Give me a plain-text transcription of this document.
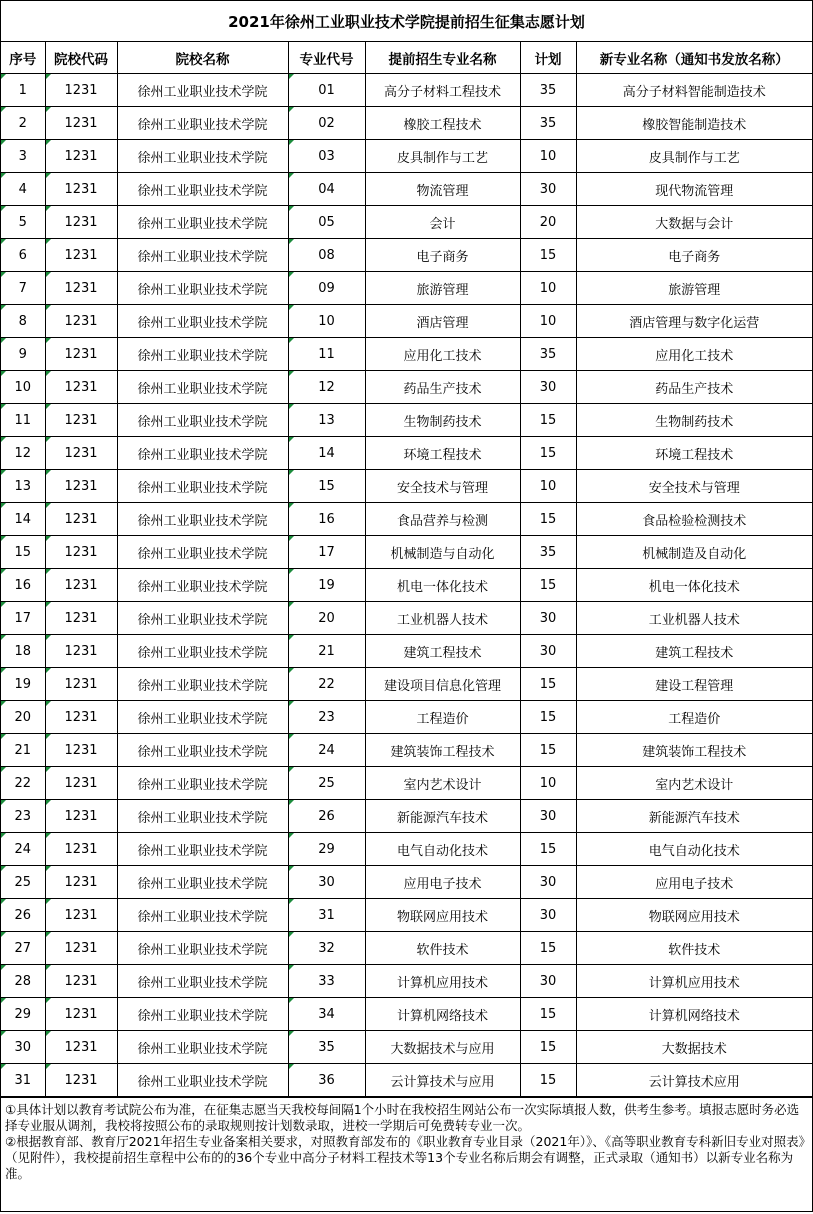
2021年徐州工业职业技术学院提前招生征集志愿计划
序号	院校代码	院校名称	专业代号	提前招生专业名称	计划	新专业名称（通知书发放名称）
1	1231	徐州工业职业技术学院	01	高分子材料工程技术	35	高分子材料智能制造技术
2	1231	徐州工业职业技术学院	02	橡胶工程技术	35	橡胶智能制造技术
3	1231	徐州工业职业技术学院	03	皮具制作与工艺	10	皮具制作与工艺
4	1231	徐州工业职业技术学院	04	物流管理	30	现代物流管理
5	1231	徐州工业职业技术学院	05	会计	20	大数据与会计
6	1231	徐州工业职业技术学院	08	电子商务	15	电子商务
7	1231	徐州工业职业技术学院	09	旅游管理	10	旅游管理
8	1231	徐州工业职业技术学院	10	酒店管理	10	酒店管理与数字化运营
9	1231	徐州工业职业技术学院	11	应用化工技术	35	应用化工技术
10	1231	徐州工业职业技术学院	12	药品生产技术	30	药品生产技术
11	1231	徐州工业职业技术学院	13	生物制药技术	15	生物制药技术
12	1231	徐州工业职业技术学院	14	环境工程技术	15	环境工程技术
13	1231	徐州工业职业技术学院	15	安全技术与管理	10	安全技术与管理
14	1231	徐州工业职业技术学院	16	食品营养与检测	15	食品检验检测技术
15	1231	徐州工业职业技术学院	17	机械制造与自动化	35	机械制造及自动化
16	1231	徐州工业职业技术学院	19	机电一体化技术	15	机电一体化技术
17	1231	徐州工业职业技术学院	20	工业机器人技术	30	工业机器人技术
18	1231	徐州工业职业技术学院	21	建筑工程技术	30	建筑工程技术
19	1231	徐州工业职业技术学院	22	建设项目信息化管理	15	建设工程管理
20	1231	徐州工业职业技术学院	23	工程造价	15	工程造价
21	1231	徐州工业职业技术学院	24	建筑装饰工程技术	15	建筑装饰工程技术
22	1231	徐州工业职业技术学院	25	室内艺术设计	10	室内艺术设计
23	1231	徐州工业职业技术学院	26	新能源汽车技术	30	新能源汽车技术
24	1231	徐州工业职业技术学院	29	电气自动化技术	15	电气自动化技术
25	1231	徐州工业职业技术学院	30	应用电子技术	30	应用电子技术
26	1231	徐州工业职业技术学院	31	物联网应用技术	30	物联网应用技术
27	1231	徐州工业职业技术学院	32	软件技术	15	软件技术
28	1231	徐州工业职业技术学院	33	计算机应用技术	30	计算机应用技术
29	1231	徐州工业职业技术学院	34	计算机网络技术	15	计算机网络技术
30	1231	徐州工业职业技术学院	35	大数据技术与应用	15	大数据技术
31	1231	徐州工业职业技术学院	36	云计算技术与应用	15	云计算技术应用

①具体计划以教育考试院公布为准，在征集志愿当天我校每间隔1个小时在我校招生网站公布一次实际填报人数，供考生参考。填报志愿时务必选择专业服从调剂，我校将按照公布的录取规则按计划数录取，进校一学期后可免费转专业一次。

②根据教育部、教育厅2021年招生专业备案相关要求，对照教育部发布的《职业教育专业目录（2021年）》、《高等职业教育专科新旧专业对照表》（见附件），我校提前招生章程中公布的的36个专业中高分子材料工程技术等13个专业名称后期会有调整，正式录取（通知书）以新专业名称为准。
